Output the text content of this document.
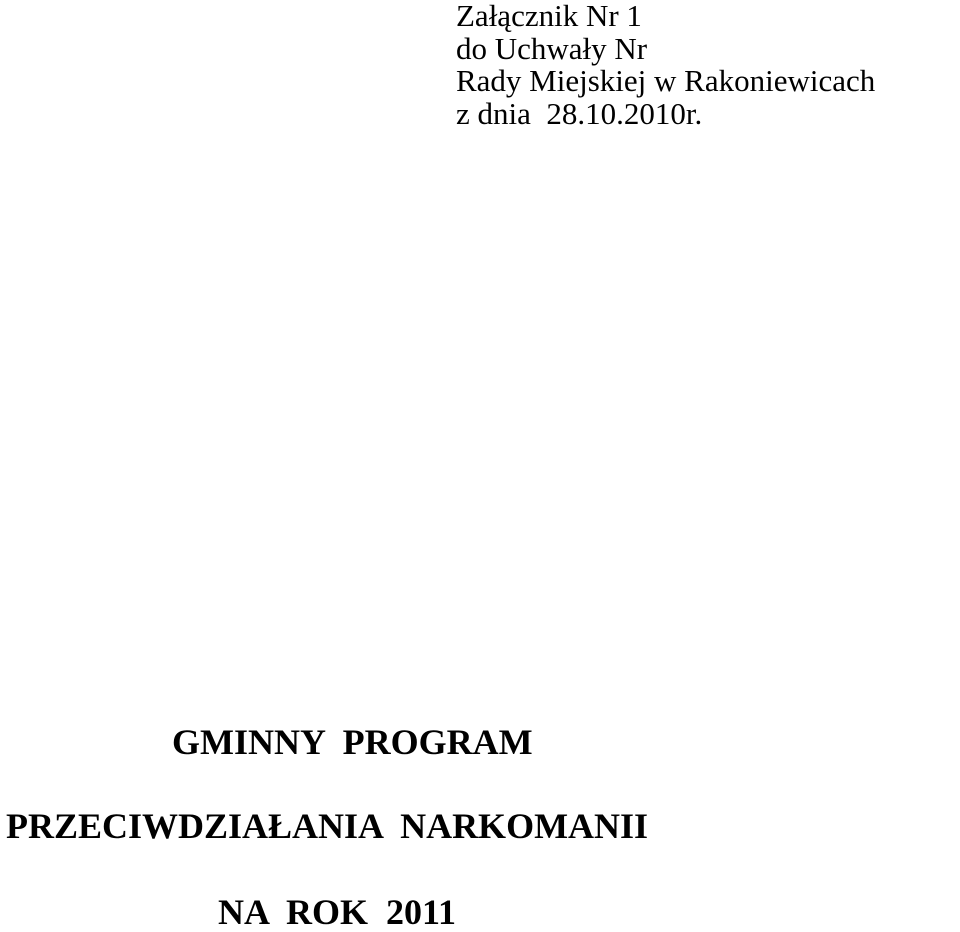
Załącznik Nr 1

do Uchwały Nr

Rady Miejskiej w Rakoniewicach

z dnia  28.10.2010r.

GMINNY  PROGRAM

PRZECIWDZIAŁANIA  NARKOMANII

NA  ROK  2011
